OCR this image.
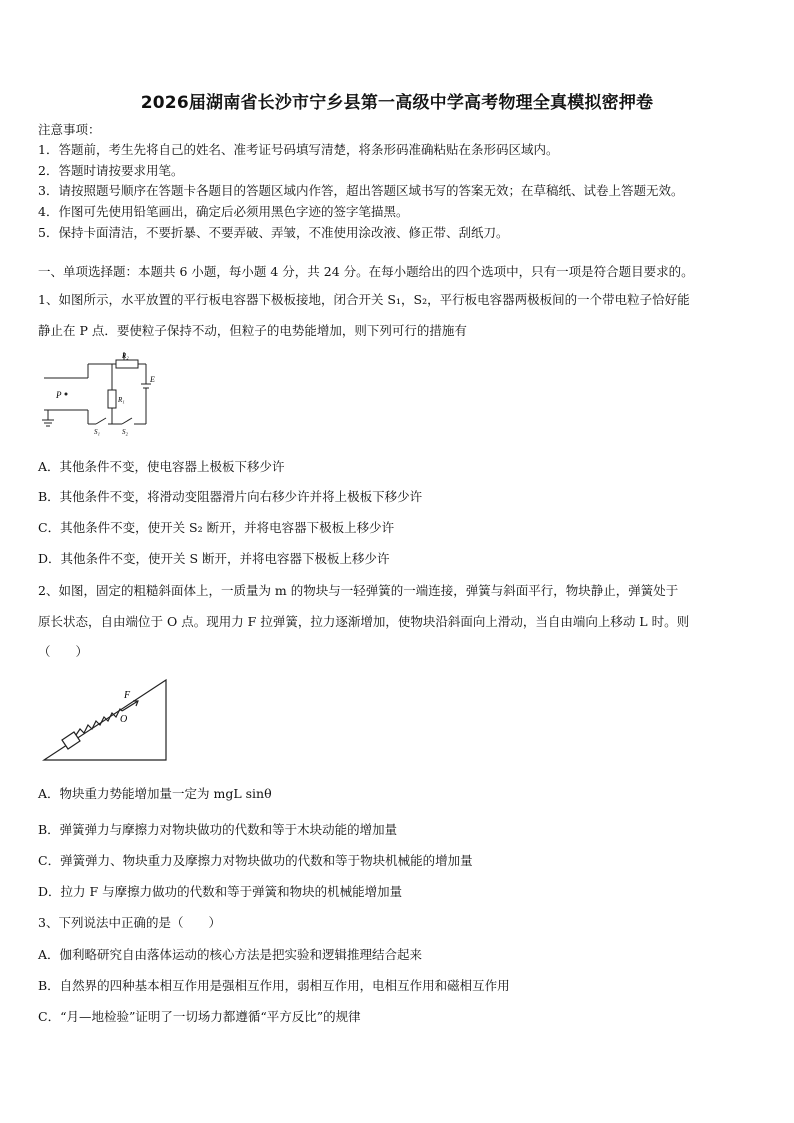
2026届湖南省长沙市宁乡县第一高级中学高考物理全真模拟密押卷
注意事项：
1．答题前，考生先将自己的姓名、准考证号码填写清楚，将条形码准确粘贴在条形码区域内。
2．答题时请按要求用笔。
3．请按照题号顺序在答题卡各题目的答题区域内作答，超出答题区域书写的答案无效；在草稿纸、试卷上答题无效。
4．作图可先使用铅笔画出，确定后必须用黑色字迹的签字笔描黑。
5．保持卡面清洁，不要折暴、不要弄破、弄皱，不准使用涂改液、修正带、刮纸刀。
一、单项选择题：本题共 6 小题，每小题 4 分，共 24 分。在每小题给出的四个选项中，只有一项是符合题目要求的。
1、如图所示，水平放置的平行板电容器下极板接地，闭合开关 S₁，S₂，平行板电容器两极板间的一个带电粒子恰好能
静止在 P 点．要使粒子保持不动，但粒子的电势能增加，则下列可行的措施有
P
R₂
R₁
E
S₁	S₂
A．其他条件不变，使电容器上极板下移少许
B．其他条件不变，将滑动变阻器滑片向右移少许并将上极板下移少许
C．其他条件不变，使开关 S₂ 断开，并将电容器下极板上移少许
D．其他条件不变，使开关 S 断开，并将电容器下极板上移少许
2、如图，固定的粗糙斜面体上，一质量为 m 的物块与一轻弹簧的一端连接，弹簧与斜面平行，物块静止，弹簧处于
原长状态，自由端位于 O 点。现用力 F 拉弹簧，拉力逐渐增加，使物块沿斜面向上滑动，当自由端向上移动 L 时。则
（　　）
F
O
A．物块重力势能增加量一定为 mgL sinθ
B．弹簧弹力与摩擦力对物块做功的代数和等于木块动能的增加量
C．弹簧弹力、物块重力及摩擦力对物块做功的代数和等于物块机械能的增加量
D．拉力 F 与摩擦力做功的代数和等于弹簧和物块的机械能增加量
3、下列说法中正确的是（　　）
A．伽利略研究自由落体运动的核心方法是把实验和逻辑推理结合起来
B．自然界的四种基本相互作用是强相互作用，弱相互作用，电相互作用和磁相互作用
C．“月—地检验”证明了一切场力都遵循“平方反比”的规律
